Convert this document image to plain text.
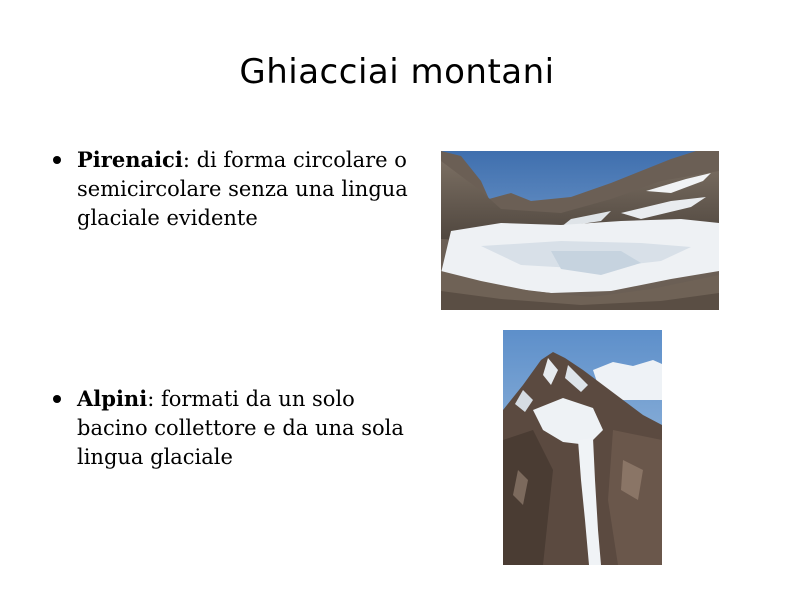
Ghiacciai montani
Pirenaici: di forma circolare o semicircolare senza una lingua glaciale evidente
Alpini: formati da un solo bacino collettore e da una sola lingua glaciale
